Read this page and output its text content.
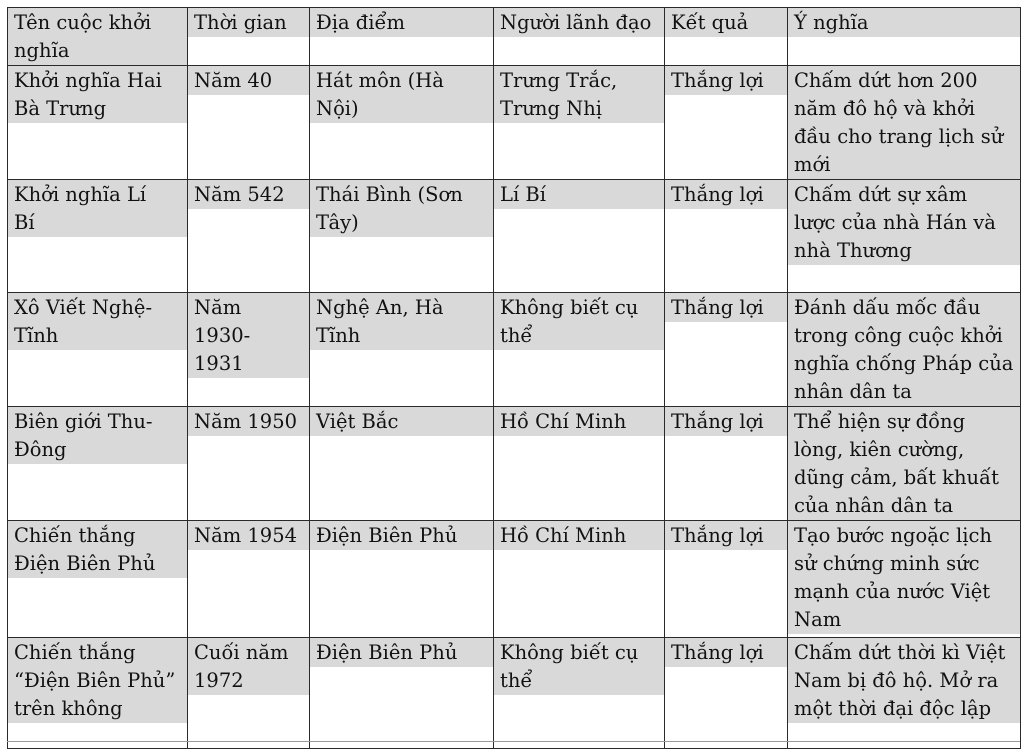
Tên cuộc khởi
nghĩa	Thời gian	Địa điểm	Người lãnh đạo	Kết quả	Ý nghĩa

Khởi nghĩa Hai
Bà Trưng	Năm 40	Hát môn (Hà
Nội)	Trưng Trắc,
Trưng Nhị	Thắng lợi	Chấm dứt hơn 200
năm đô hộ và khởi
đầu cho trang lịch sử
mới

Khởi nghĩa Lí
Bí	Năm 542	Thái Bình (Sơn
Tây)	Lí Bí	Thắng lợi	Chấm dứt sự xâm
lược của nhà Hán và
nhà Thương

Xô Viết Nghệ-
Tĩnh	Năm
1930-
1931	Nghệ An, Hà
Tĩnh	Không biết cụ
thể	Thắng lợi	Đánh dấu mốc đầu
trong công cuộc khởi
nghĩa chống Pháp của
nhân dân ta

Biên giới Thu-
Đông	Năm 1950	Việt Bắc	Hồ Chí Minh	Thắng lợi	Thể hiện sự đồng
lòng, kiên cường,
dũng cảm, bất khuất
của nhân dân ta

Chiến thắng
Điện Biên Phủ	Năm 1954	Điện Biên Phủ	Hồ Chí Minh	Thắng lợi	Tạo bước ngoặc lịch
sử chứng minh sức
mạnh của nước Việt
Nam

Chiến thắng
“Điện Biên Phủ”
trên không	Cuối năm
1972	Điện Biên Phủ	Không biết cụ
thể	Thắng lợi	Chấm dứt thời kì Việt
Nam bị đô hộ. Mở ra
một thời đại độc lập
